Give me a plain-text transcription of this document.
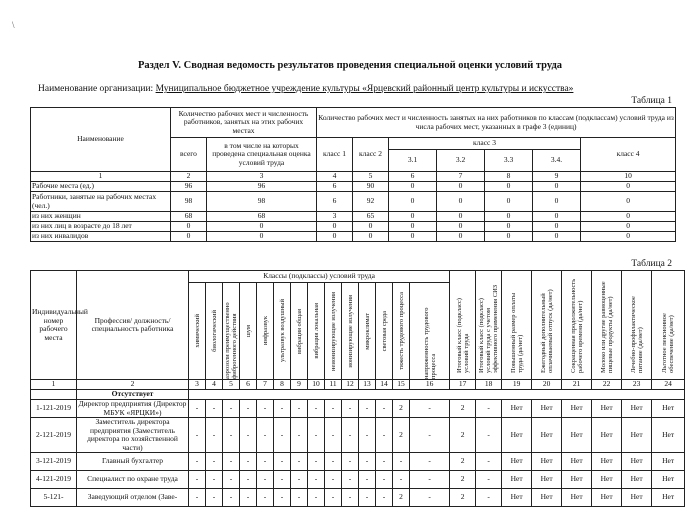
\
Раздел V. Сводная ведомость результатов проведения специальной оценки условий труда
Наименование организации: Муниципальное бюджетное учреждение культуры «Ярцевский районный центр культуры и искусства»
Таблица 1
Наименование	Количество рабочих мест и численность работников, занятых на этих рабочих местах		Количество рабочих мест и численность занятых на них работников по классам (подклассам) условий труда из числа рабочих мест, указанных в графе 3 (единиц)						
	всего	в том числе на которых проведена специальная оценка условий труда	класс 1	класс 2	класс 3				класс 4
					3.1	3.2	3.3	3.4.	
1	2	3	4	5	6	7	8	9	10
Рабочие места (ед.)	96	96	6	90	0	0	0	0	0
Работники, занятые на рабочих местах (чел.)	98	98	6	92	0	0	0	0	0
из них женщин	68	68	3	65	0	0	0	0	0
из них лиц в возрасте до 18 лет	0	0	0	0	0	0	0	0	0
из них инвалидов	0	0	0	0	0	0	0	0	0
Таблица 2
Индивидуальный номер рабочего места	Профессия/ должность/ специальность работника	Классы (подклассы) условий труда														Итоговый класс (подкласс) условий труда	Итоговый класс (подкласс) условий труда с учетом эффективного применения СИЗ	Повышенный размер оплаты труда (да/нет)	Ежегодный дополнительный оплачиваемый отпуск (да/нет)	Сокращенная продолжительность рабочего времени (да/нет)	Молоко или другие равноценные пищевые продукты (да/нет)	Лечебно-профилактическое питание (да/нет)	Льготное пенсионное обеспечение (да/нет)

		химический	биологический	аэрозоли преимущественно фиброгенного действия	шум	инфразвук	ультразвук воздушный	вибрация общая	вибрация локальная	неионизирующие излучения	ионизирующие излучения	микроклимат	световая среда	тяжесть трудового процесса	напряженность трудового процесса								

1	2	3	4	5	6	7	8	9	10	11	12	13	14	15	16	17	18	19	20	21	22	23	24
	Отсутствует																						
1-121-2019	Директор предприятия (Директор МБУК «ЯРЦКИ»)	-	-	-	-	-	-	-	-	-	-	-	-	2	-	2	-	Нет	Нет	Нет	Нет	Нет	Нет
2-121-2019	Заместитель директора предприятия (Заместитель директора по хозяйственной части)	-	-	-	-	-	-	-	-	-	-	-	-	2	-	2	-	Нет	Нет	Нет	Нет	Нет	Нет
3-121-2019	Главный бухгалтер	-	-	-	-	-	-	-	-	-	-	-	-	-	-	2	-	Нет	Нет	Нет	Нет	Нет	Нет
4-121-2019	Специалист по охране труда	-	-	-	-	-	-	-	-	-	-	-	-	-	-	2	-	Нет	Нет	Нет	Нет	Нет	Нет
5-121-	Заведующий отделом (Заве-	-	-	-	-	-	-	-	-	-	-	-	-	2	-	2	-	Нет	Нет	Нет	Нет	Нет	Нет
